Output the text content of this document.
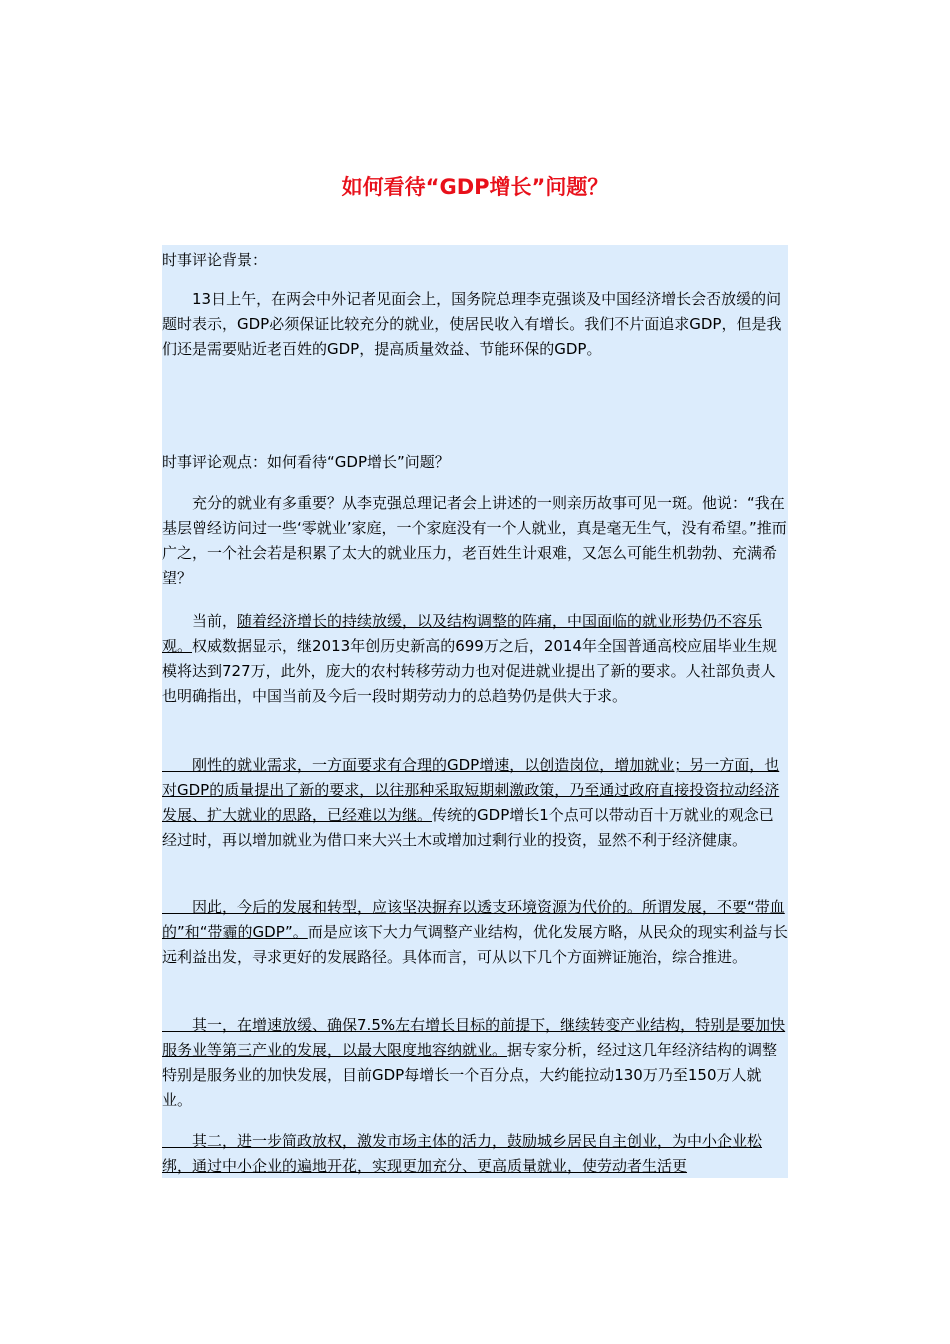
如何看待“GDP增长”问题？

时事评论背景：

　　13日上午，在两会中外记者见面会上，国务院总理李克强谈及中国经济增长会否放缓的问题时表示，GDP必须保证比较充分的就业，使居民收入有增长。我们不片面追求GDP，但是我们还是需要贴近老百姓的GDP，提高质量效益、节能环保的GDP。

时事评论观点：如何看待“GDP增长”问题？

　　充分的就业有多重要？从李克强总理记者会上讲述的一则亲历故事可见一斑。他说：“我在基层曾经访问过一些‘零就业’家庭，一个家庭没有一个人就业，真是毫无生气，没有希望。”推而广之，一个社会若是积累了太大的就业压力，老百姓生计艰难，又怎么可能生机勃勃、充满希望？

　　当前，随着经济增长的持续放缓，以及结构调整的阵痛，中国面临的就业形势仍不容乐观。权威数据显示，继2013年创历史新高的699万之后，2014年全国普通高校应届毕业生规模将达到727万，此外，庞大的农村转移劳动力也对促进就业提出了新的要求。人社部负责人也明确指出，中国当前及今后一段时期劳动力的总趋势仍是供大于求。

　　刚性的就业需求，一方面要求有合理的GDP增速，以创造岗位，增加就业；另一方面，也对GDP的质量提出了新的要求，以往那种采取短期刺激政策，乃至通过政府直接投资拉动经济发展、扩大就业的思路，已经难以为继。传统的GDP增长1个点可以带动百十万就业的观念已经过时，再以增加就业为借口来大兴土木或增加过剩行业的投资，显然不利于经济健康。

　　因此，今后的发展和转型，应该坚决摒弃以透支环境资源为代价的。所谓发展，不要“带血的”和“带霾的GDP”。而是应该下大力气调整产业结构，优化发展方略，从民众的现实利益与长远利益出发，寻求更好的发展路径。具体而言，可从以下几个方面辨证施治，综合推进。

　　其一，在增速放缓、确保7.5%左右增长目标的前提下，继续转变产业结构，特别是要加快服务业等第三产业的发展，以最大限度地容纳就业。据专家分析，经过这几年经济结构的调整特别是服务业的加快发展，目前GDP每增长一个百分点，大约能拉动130万乃至150万人就业。

　　其二，进一步简政放权，激发市场主体的活力，鼓励城乡居民自主创业，为中小企业松绑，通过中小企业的遍地开花，实现更加充分、更高质量就业，使劳动者生活更
